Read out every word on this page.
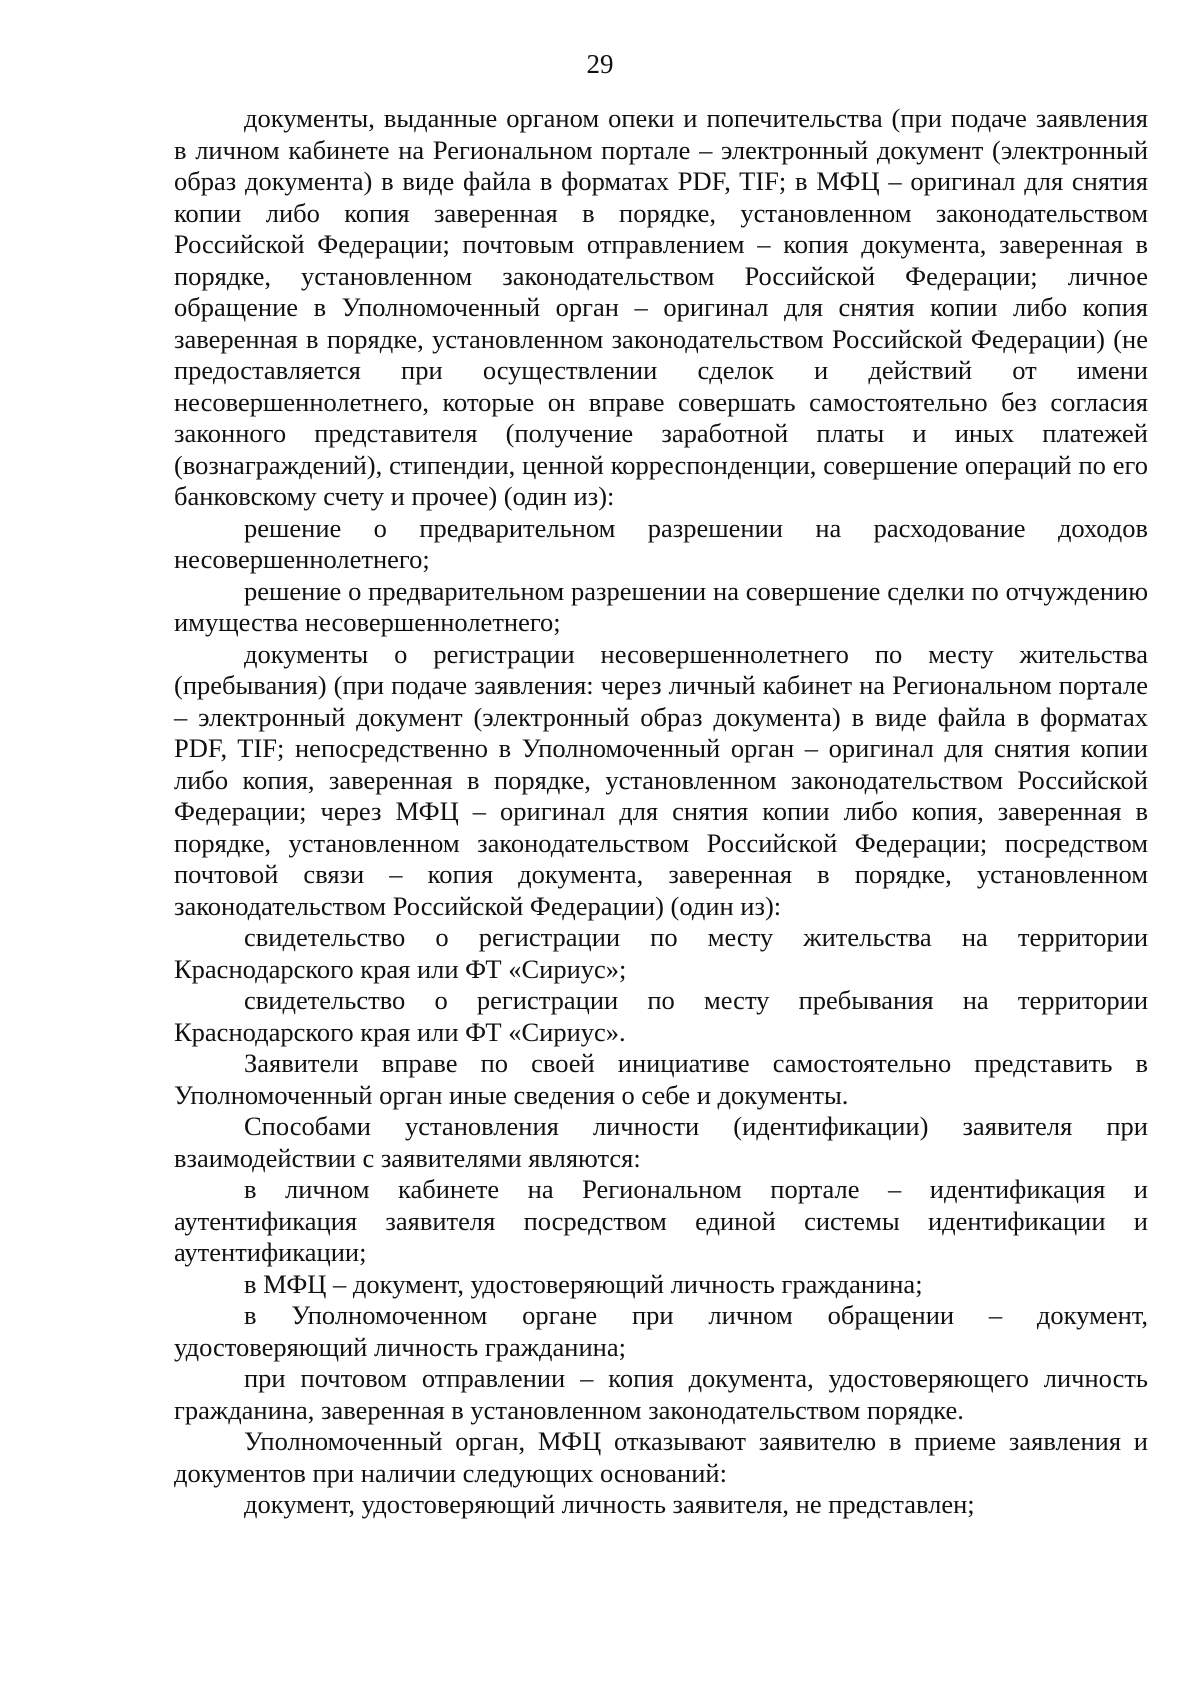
29

документы, выданные органом опеки и попечительства (при подаче заявления в личном кабинете на Региональном портале – электронный документ (электронный образ документа) в виде файла в форматах PDF, TIF; в МФЦ – оригинал для снятия копии либо копия заверенная в порядке, установленном законодательством Российской Федерации; почтовым отправлением – копия документа, заверенная в порядке, установленном законодательством Российской Федерации; личное обращение в Уполномоченный орган – оригинал для снятия копии либо копия заверенная в порядке, установленном законодательством Российской Федерации) (не предоставляется при осуществлении сделок и действий от имени несовершеннолетнего, которые он вправе совершать самостоятельно без согласия законного представителя (получение заработной платы и иных платежей (вознаграждений), стипендии, ценной корреспонденции, совершение операций по его банковскому счету и прочее) (один из):

решение о предварительном разрешении на расходование доходов несовершеннолетнего;

решение о предварительном разрешении на совершение сделки по отчуждению имущества несовершеннолетнего;

документы о регистрации несовершеннолетнего по месту жительства (пребывания) (при подаче заявления: через личный кабинет на Региональном портале – электронный документ (электронный образ документа) в виде файла в форматах PDF, TIF; непосредственно в Уполномоченный орган – оригинал для снятия копии либо копия, заверенная в порядке, установленном законодательством Российской Федерации; через МФЦ – оригинал для снятия копии либо копия, заверенная в порядке, установленном законодательством Российской Федерации; посредством почтовой связи – копия документа, заверенная в порядке, установленном законодательством Российской Федерации) (один из):

свидетельство о регистрации по месту жительства на территории Краснодарского края или ФТ «Сириус»;

свидетельство о регистрации по месту пребывания на территории Краснодарского края или ФТ «Сириус».

Заявители вправе по своей инициативе самостоятельно представить в Уполномоченный орган иные сведения о себе и документы.

Способами установления личности (идентификации) заявителя при взаимодействии с заявителями являются:

в личном кабинете на Региональном портале – идентификация и аутентификация заявителя посредством единой системы идентификации и аутентификации;

в МФЦ – документ, удостоверяющий личность гражданина;

в Уполномоченном органе при личном обращении – документ, удостоверяющий личность гражданина;

при почтовом отправлении – копия документа, удостоверяющего личность гражданина, заверенная в установленном законодательством порядке.

Уполномоченный орган, МФЦ отказывают заявителю в приеме заявления и документов при наличии следующих оснований:

документ, удостоверяющий личность заявителя, не представлен;
